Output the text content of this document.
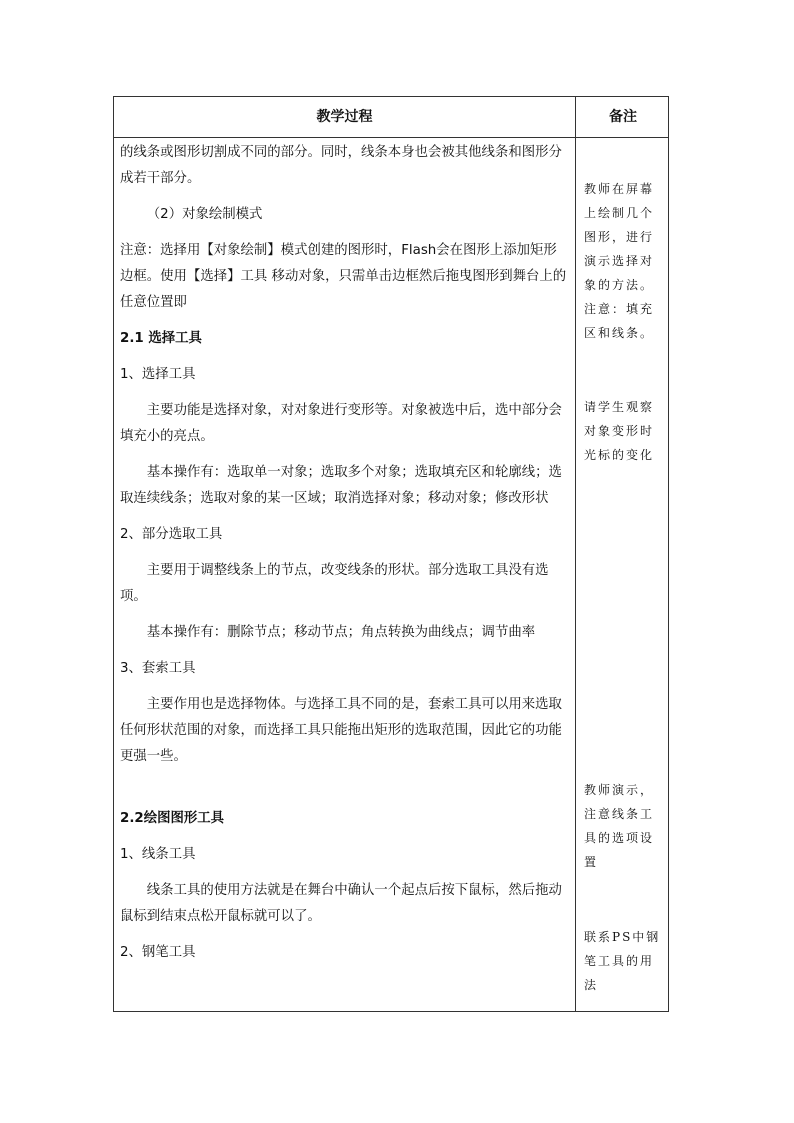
教学过程	备注

的线条或图形切割成不同的部分。同时，线条本身也会被其他线条和图形分成若干部分。

（2）对象绘制模式

注意：选择用【对象绘制】模式创建的图形时，Flash会在图形上添加矩形边框。使用【选择】工具 移动对象，只需单击边框然后拖曳图形到舞台上的任意位置即

2.1 选择工具

1、选择工具

主要功能是选择对象，对对象进行变形等。对象被选中后，选中部分会填充小的亮点。

基本操作有：选取单一对象；选取多个对象；选取填充区和轮廓线；选取连续线条；选取对象的某一区域；取消选择对象；移动对象；修改形状

2、部分选取工具

主要用于调整线条上的节点，改变线条的形状。部分选取工具没有选项。

基本操作有：删除节点；移动节点；角点转换为曲线点；调节曲率

3、套索工具

主要作用也是选择物体。与选择工具不同的是，套索工具可以用来选取任何形状范围的对象，而选择工具只能拖出矩形的选取范围，因此它的功能更强一些。

2.2绘图图形工具

1、线条工具

线条工具的使用方法就是在舞台中确认一个起点后按下鼠标，然后拖动鼠标到结束点松开鼠标就可以了。

2、钢笔工具

教师在屏幕上绘制几个图形，进行演示选择对象的方法。注意：填充区和线条。
请学生观察对象变形时光标的变化
教师演示，注意线条工具的选项设置
联系PS中钢笔工具的用法
